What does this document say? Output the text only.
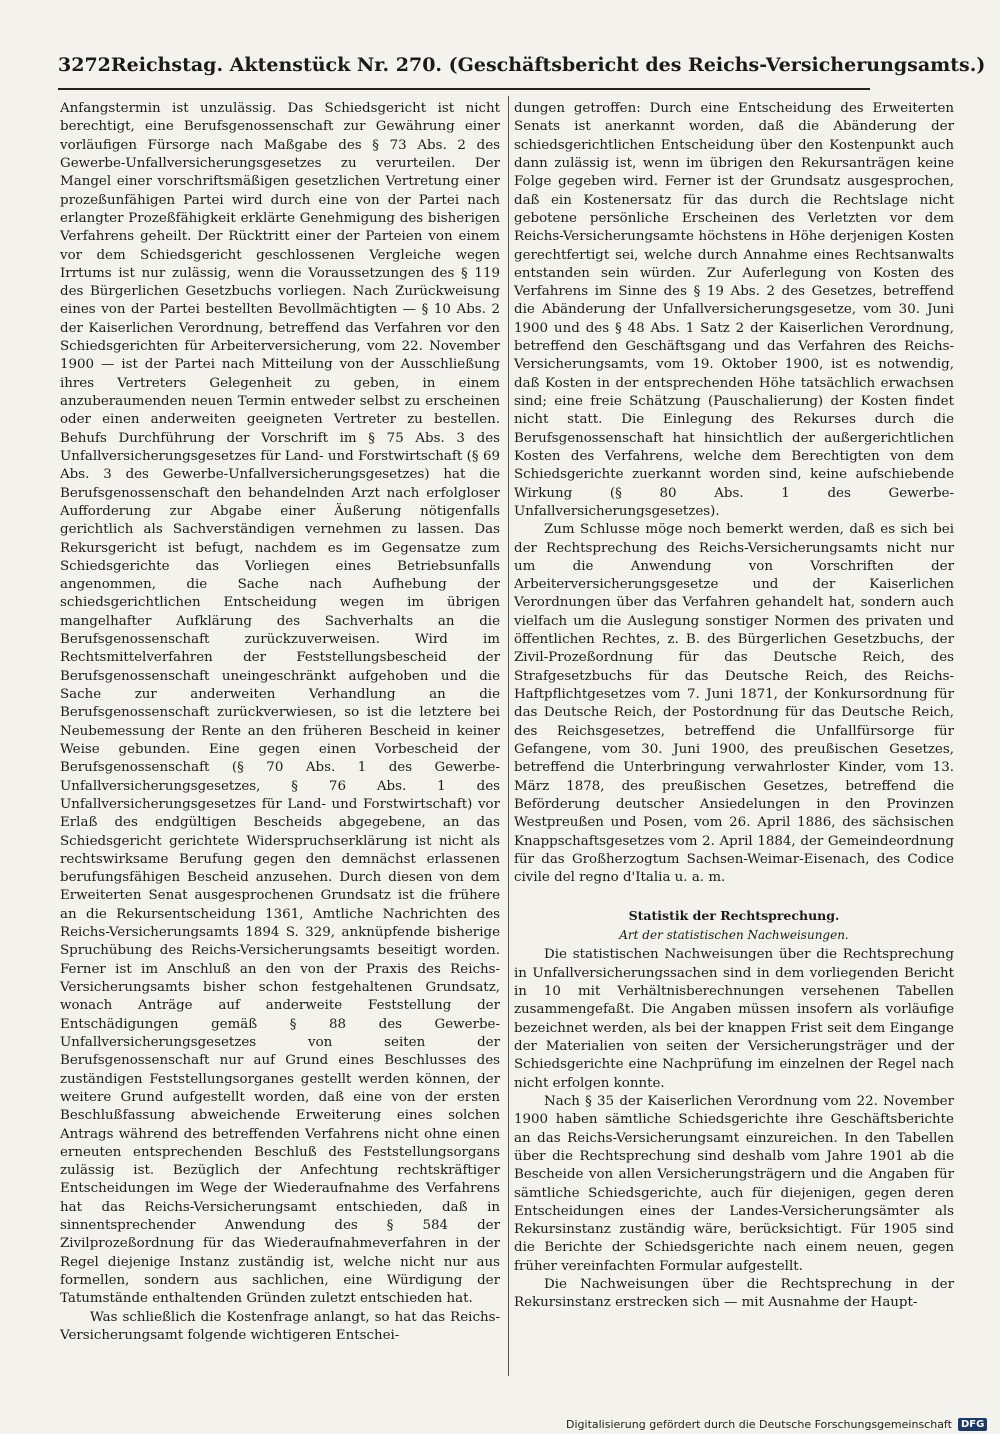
3272 Reichstag. Aktenstück Nr. 270. (Geschäftsbericht des Reichs-Versicherungsamts.)

Anfangstermin ist unzulässig. Das Schiedsgericht ist nicht berechtigt, eine Berufsgenossenschaft zur Gewährung einer vorläufigen Fürsorge nach Maßgabe des § 73 Abs. 2 des Gewerbe-Unfallversicherungsgesetzes zu verurteilen. Der Mangel einer vorschriftsmäßigen gesetzlichen Vertretung einer prozeßunfähigen Partei wird durch eine von der Partei nach erlangter Prozeßfähigkeit erklärte Genehmigung des bisherigen Verfahrens geheilt. Der Rücktritt einer der Parteien von einem vor dem Schiedsgericht geschlossenen Vergleiche wegen Irrtums ist nur zulässig, wenn die Voraussetzungen des § 119 des Bürgerlichen Gesetzbuchs vorliegen. Nach Zurückweisung eines von der Partei bestellten Bevollmächtigten — § 10 Abs. 2 der Kaiserlichen Verordnung, betreffend das Verfahren vor den Schiedsgerichten für Arbeiterversicherung, vom 22. November 1900 — ist der Partei nach Mitteilung von der Ausschließung ihres Vertreters Gelegenheit zu geben, in einem anzuberaumenden neuen Termin entweder selbst zu erscheinen oder einen anderweiten geeigneten Vertreter zu bestellen. Behufs Durchführung der Vorschrift im § 75 Abs. 3 des Unfallversicherungsgesetzes für Land- und Forstwirtschaft (§ 69 Abs. 3 des Gewerbe-Unfallversicherungsgesetzes) hat die Berufsgenossenschaft den behandelnden Arzt nach erfolgloser Aufforderung zur Abgabe einer Äußerung nötigenfalls gerichtlich als Sachverständigen vernehmen zu lassen. Das Rekursgericht ist befugt, nachdem es im Gegensatze zum Schiedsgerichte das Vorliegen eines Betriebsunfalls angenommen, die Sache nach Aufhebung der schiedsgerichtlichen Entscheidung wegen im übrigen mangelhafter Aufklärung des Sachverhalts an die Berufsgenossenschaft zurückzuverweisen. Wird im Rechtsmittelverfahren der Feststellungsbescheid der Berufsgenossenschaft uneingeschränkt aufgehoben und die Sache zur anderweiten Verhandlung an die Berufsgenossenschaft zurückverwiesen, so ist die letztere bei Neubemessung der Rente an den früheren Bescheid in keiner Weise gebunden. Eine gegen einen Vorbescheid der Berufsgenossenschaft (§ 70 Abs. 1 des Gewerbe-Unfallversicherungsgesetzes, § 76 Abs. 1 des Unfallversicherungsgesetzes für Land- und Forstwirtschaft) vor Erlaß des endgültigen Bescheids abgegebene, an das Schiedsgericht gerichtete Widerspruchserklärung ist nicht als rechtswirksame Berufung gegen den demnächst erlassenen berufungsfähigen Bescheid anzusehen. Durch diesen von dem Erweiterten Senat ausgesprochenen Grundsatz ist die frühere an die Rekursentscheidung 1361, Amtliche Nachrichten des Reichs-Versicherungsamts 1894 S. 329, anknüpfende bisherige Spruchübung des Reichs-Versicherungsamts beseitigt worden. Ferner ist im Anschluß an den von der Praxis des Reichs-Versicherungsamts bisher schon festgehaltenen Grundsatz, wonach Anträge auf anderweite Feststellung der Entschädigungen gemäß § 88 des Gewerbe-Unfallversicherungsgesetzes von seiten der Berufsgenossenschaft nur auf Grund eines Beschlusses des zuständigen Feststellungsorganes gestellt werden können, der weitere Grund aufgestellt worden, daß eine von der ersten Beschlußfassung abweichende Erweiterung eines solchen Antrags während des betreffenden Verfahrens nicht ohne einen erneuten entsprechenden Beschluß des Feststellungsorgans zulässig ist. Bezüglich der Anfechtung rechtskräftiger Entscheidungen im Wege der Wiederaufnahme des Verfahrens hat das Reichs-Versicherungsamt entschieden, daß in sinnentsprechender Anwendung des § 584 der Zivilprozeßordnung für das Wiederaufnahmeverfahren in der Regel diejenige Instanz zuständig ist, welche nicht nur aus formellen, sondern aus sachlichen, eine Würdigung der Tatumstände enthaltenden Gründen zuletzt entschieden hat.

Was schließlich die Kostenfrage anlangt, so hat das Reichs-Versicherungsamt folgende wichtigeren Entschei-

dungen getroffen: Durch eine Entscheidung des Erweiterten Senats ist anerkannt worden, daß die Abänderung der schiedsgerichtlichen Entscheidung über den Kostenpunkt auch dann zulässig ist, wenn im übrigen den Rekursanträgen keine Folge gegeben wird. Ferner ist der Grundsatz ausgesprochen, daß ein Kostenersatz für das durch die Rechtslage nicht gebotene persönliche Erscheinen des Verletzten vor dem Reichs-Versicherungsamte höchstens in Höhe derjenigen Kosten gerechtfertigt sei, welche durch Annahme eines Rechtsanwalts entstanden sein würden. Zur Auferlegung von Kosten des Verfahrens im Sinne des § 19 Abs. 2 des Gesetzes, betreffend die Abänderung der Unfallversicherungsgesetze, vom 30. Juni 1900 und des § 48 Abs. 1 Satz 2 der Kaiserlichen Verordnung, betreffend den Geschäftsgang und das Verfahren des Reichs-Versicherungsamts, vom 19. Oktober 1900, ist es notwendig, daß Kosten in der entsprechenden Höhe tatsächlich erwachsen sind; eine freie Schätzung (Pauschalierung) der Kosten findet nicht statt. Die Einlegung des Rekurses durch die Berufsgenossenschaft hat hinsichtlich der außergerichtlichen Kosten des Verfahrens, welche dem Berechtigten von dem Schiedsgerichte zuerkannt worden sind, keine aufschiebende Wirkung (§ 80 Abs. 1 des Gewerbe-Unfallversicherungsgesetzes).

Zum Schlusse möge noch bemerkt werden, daß es sich bei der Rechtsprechung des Reichs-Versicherungsamts nicht nur um die Anwendung von Vorschriften der Arbeiterversicherungsgesetze und der Kaiserlichen Verordnungen über das Verfahren gehandelt hat, sondern auch vielfach um die Auslegung sonstiger Normen des privaten und öffentlichen Rechtes, z. B. des Bürgerlichen Gesetzbuchs, der Zivil-Prozeßordnung für das Deutsche Reich, des Strafgesetzbuchs für das Deutsche Reich, des Reichs-Haftpflichtgesetzes vom 7. Juni 1871, der Konkursordnung für das Deutsche Reich, der Postordnung für das Deutsche Reich, des Reichsgesetzes, betreffend die Unfallfürsorge für Gefangene, vom 30. Juni 1900, des preußischen Gesetzes, betreffend die Unterbringung verwahrloster Kinder, vom 13. März 1878, des preußischen Gesetzes, betreffend die Beförderung deutscher Ansiedelungen in den Provinzen Westpreußen und Posen, vom 26. April 1886, des sächsischen Knappschaftsgesetzes vom 2. April 1884, der Gemeindeordnung für das Großherzogtum Sachsen-Weimar-Eisenach, des Codice civile del regno d'Italia u. a. m.

Statistik der Rechtsprechung.
Art der statistischen Nachweisungen.

Die statistischen Nachweisungen über die Rechtsprechung in Unfallversicherungssachen sind in dem vorliegenden Bericht in 10 mit Verhältnisberechnungen versehenen Tabellen zusammengefaßt. Die Angaben müssen insofern als vorläufige bezeichnet werden, als bei der knappen Frist seit dem Eingange der Materialien von seiten der Versicherungsträger und der Schiedsgerichte eine Nachprüfung im einzelnen der Regel nach nicht erfolgen konnte.

Nach § 35 der Kaiserlichen Verordnung vom 22. November 1900 haben sämtliche Schiedsgerichte ihre Geschäftsberichte an das Reichs-Versicherungsamt einzureichen. In den Tabellen über die Rechtsprechung sind deshalb vom Jahre 1901 ab die Bescheide von allen Versicherungsträgern und die Angaben für sämtliche Schiedsgerichte, auch für diejenigen, gegen deren Entscheidungen eines der Landes-Versicherungsämter als Rekursinstanz zuständig wäre, berücksichtigt. Für 1905 sind die Berichte der Schiedsgerichte nach einem neuen, gegen früher vereinfachten Formular aufgestellt.

Die Nachweisungen über die Rechtsprechung in der Rekursinstanz erstrecken sich — mit Ausnahme der Haupt-

Digitalisierung gefördert durch die Deutsche Forschungsgemeinschaft DFG
